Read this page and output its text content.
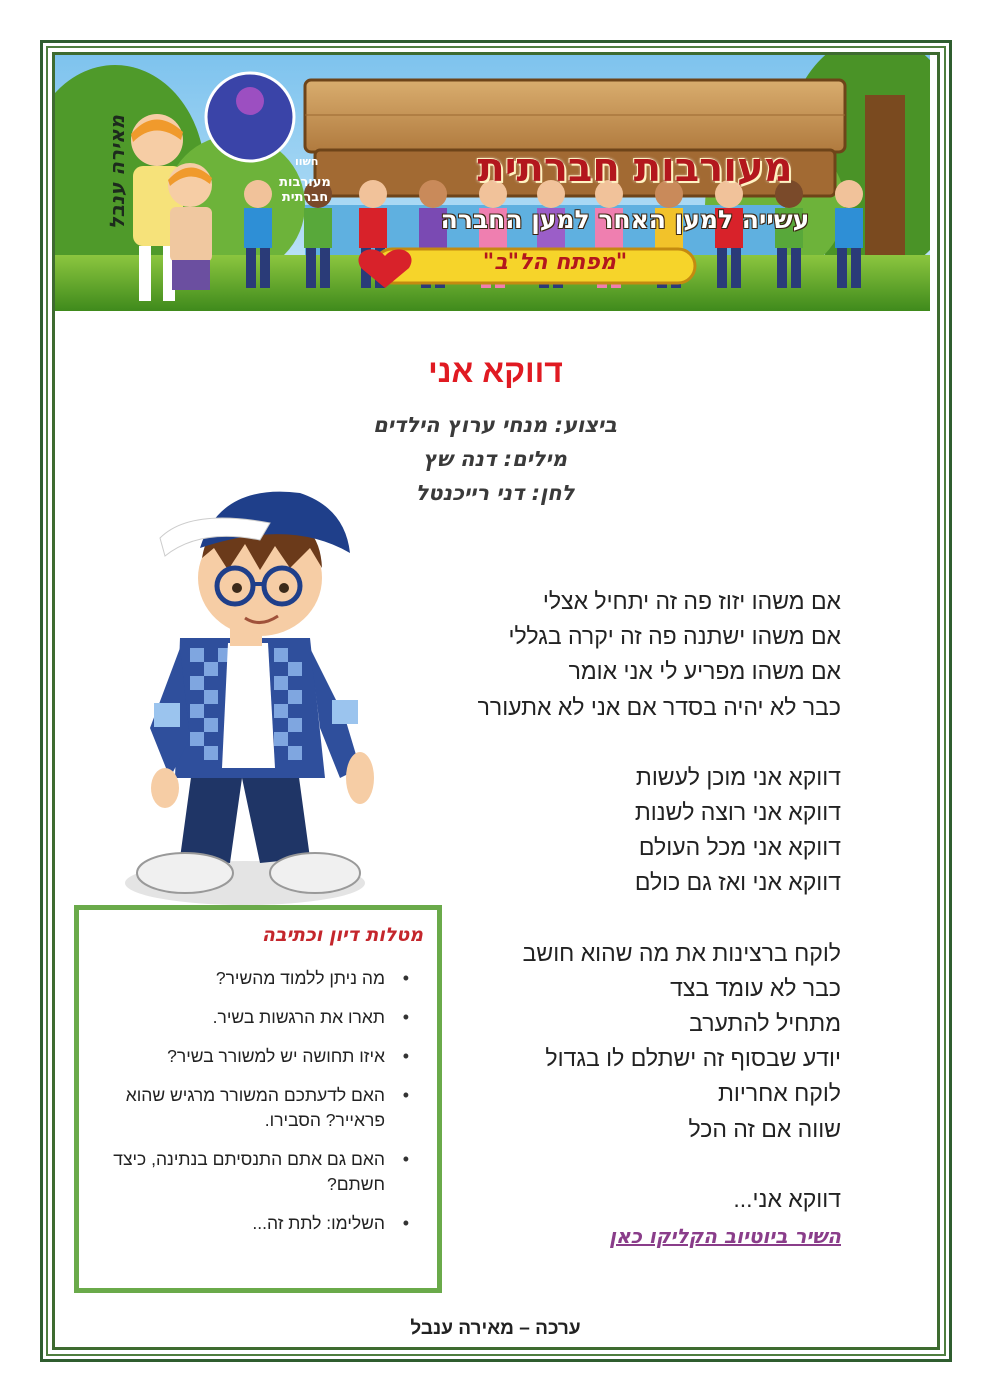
מאירה ענבל	מעורבות חברתית
עשייה למען האחר למען החברה
חשוו
מעורבות חברתית
"מפתח הל"ב"
דווקא אני
ביצוע: מנחי ערוץ הילדים
מילים: דנה שץ
לחן: דני רייכנטל
אם משהו יזוז פה זה יתחיל אצלי
אם משהו ישתנה פה זה יקרה בגללי
אם משהו מפריע לי אני אומר
כבר לא יהיה בסדר אם אני לא אתעורר
דווקא אני מוכן לעשות
דווקא אני רוצה לשנות
דווקא אני מכל העולם
דווקא אני ואז גם כולם
לוקח ברצינות את מה שהוא חושב
כבר לא עומד בצד
מתחיל להתערב
יודע שבסוף זה ישתלם לו בגדול
לוקח אחריות
שווה אם זה הכל
דווקא אני...
השיר ביוטיוב הקליקו כאן
מטלות דיון וכתיבה
• מה ניתן ללמוד מהשיר?
• תארו את הרגשות בשיר.
• איזו תחושה יש למשורר בשיר?
• האם לדעתכם המשורר מרגיש שהוא פראייר? הסבירו.
• האם גם אתם התנסיתם בנתינה, כיצד חשתם?
• השלימו: לתת זה...
ערכה – מאירה ענבל
